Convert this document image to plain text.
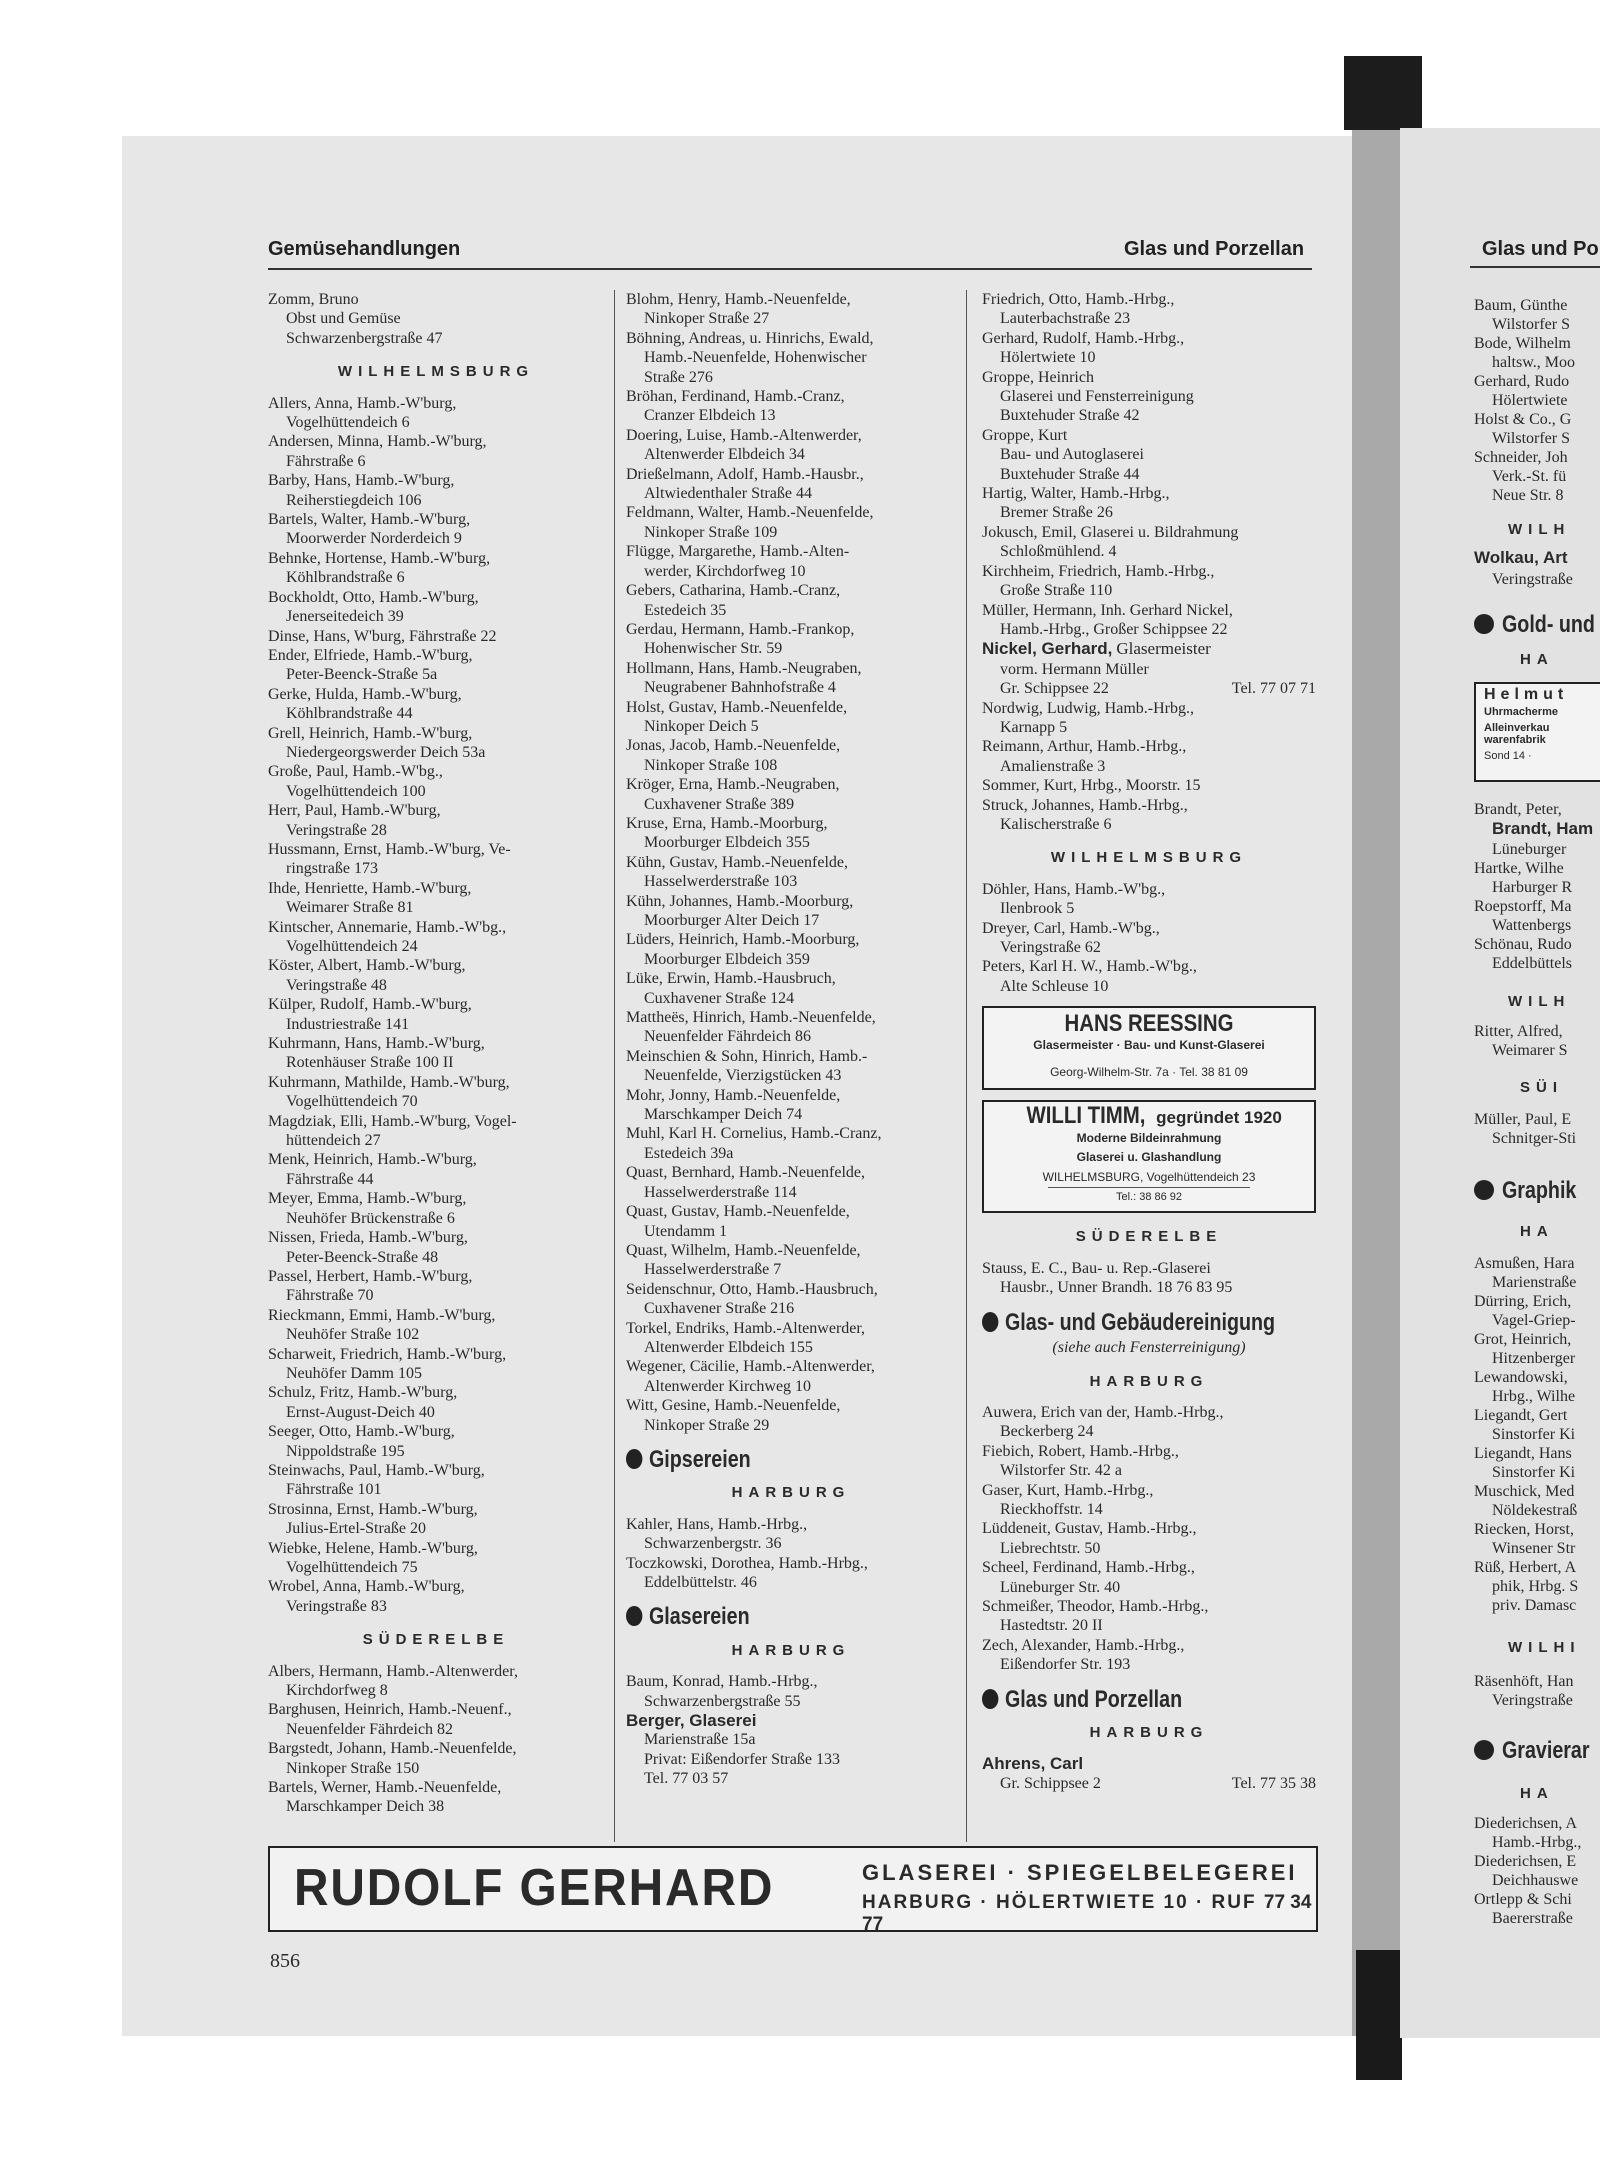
Gemüsehandlungen	Glas und Porzellan
Zomm, Bruno
Obst und Gemüse
Schwarzenbergstraße 47
WILHELMSBURG
Allers, Anna, Hamb.-W'burg,
Vogelhüttendeich 6
Andersen, Minna, Hamb.-W'burg,
Fährstraße 6
Barby, Hans, Hamb.-W'burg,
Reiherstiegdeich 106
Bartels, Walter, Hamb.-W'burg,
Moorwerder Norderdeich 9
Behnke, Hortense, Hamb.-W'burg,
Köhlbrandstraße 6
Bockholdt, Otto, Hamb.-W'burg,
Jenerseitedeich 39
Dinse, Hans, W'burg, Fährstraße 22
Ender, Elfriede, Hamb.-W'burg,
Peter-Beenck-Straße 5a
Gerke, Hulda, Hamb.-W'burg,
Köhlbrandstraße 44
Grell, Heinrich, Hamb.-W'burg,
Niedergeorgswerder Deich 53a
Große, Paul, Hamb.-W'bg.,
Vogelhüttendeich 100
Herr, Paul, Hamb.-W'burg,
Veringstraße 28
Hussmann, Ernst, Hamb.-W'burg, Ve-
ringstraße 173
Ihde, Henriette, Hamb.-W'burg,
Weimarer Straße 81
Kintscher, Annemarie, Hamb.-W'bg.,
Vogelhüttendeich 24
Köster, Albert, Hamb.-W'burg,
Veringstraße 48
Külper, Rudolf, Hamb.-W'burg,
Industriestraße 141
Kuhrmann, Hans, Hamb.-W'burg,
Rotenhäuser Straße 100 II
Kuhrmann, Mathilde, Hamb.-W'burg,
Vogelhüttendeich 70
Magdziak, Elli, Hamb.-W'burg, Vogel-
hüttendeich 27
Menk, Heinrich, Hamb.-W'burg,
Fährstraße 44
Meyer, Emma, Hamb.-W'burg,
Neuhöfer Brückenstraße 6
Nissen, Frieda, Hamb.-W'burg,
Peter-Beenck-Straße 48
Passel, Herbert, Hamb.-W'burg,
Fährstraße 70
Rieckmann, Emmi, Hamb.-W'burg,
Neuhöfer Straße 102
Scharweit, Friedrich, Hamb.-W'burg,
Neuhöfer Damm 105
Schulz, Fritz, Hamb.-W'burg,
Ernst-August-Deich 40
Seeger, Otto, Hamb.-W'burg,
Nippoldstraße 195
Steinwachs, Paul, Hamb.-W'burg,
Fährstraße 101
Strosinna, Ernst, Hamb.-W'burg,
Julius-Ertel-Straße 20
Wiebke, Helene, Hamb.-W'burg,
Vogelhüttendeich 75
Wrobel, Anna, Hamb.-W'burg,
Veringstraße 83
SÜDERELBE
Albers, Hermann, Hamb.-Altenwerder,
Kirchdorfweg 8
Barghusen, Heinrich, Hamb.-Neuenf.,
Neuenfelder Fährdeich 82
Bargstedt, Johann, Hamb.-Neuenfelde,
Ninkoper Straße 150
Bartels, Werner, Hamb.-Neuenfelde,
Marschkamper Deich 38
Blohm, Henry, Hamb.-Neuenfelde,
Ninkoper Straße 27
Böhning, Andreas, u. Hinrichs, Ewald,
Hamb.-Neuenfelde, Hohenwischer
Straße 276
Bröhan, Ferdinand, Hamb.-Cranz,
Cranzer Elbdeich 13
Doering, Luise, Hamb.-Altenwerder,
Altenwerder Elbdeich 34
Drießelmann, Adolf, Hamb.-Hausbr.,
Altwiedenthaler Straße 44
Feldmann, Walter, Hamb.-Neuenfelde,
Ninkoper Straße 109
Flügge, Margarethe, Hamb.-Alten-
werder, Kirchdorfweg 10
Gebers, Catharina, Hamb.-Cranz,
Estedeich 35
Gerdau, Hermann, Hamb.-Frankop,
Hohenwischer Str. 59
Hollmann, Hans, Hamb.-Neugraben,
Neugrabener Bahnhofstraße 4
Holst, Gustav, Hamb.-Neuenfelde,
Ninkoper Deich 5
Jonas, Jacob, Hamb.-Neuenfelde,
Ninkoper Straße 108
Kröger, Erna, Hamb.-Neugraben,
Cuxhavener Straße 389
Kruse, Erna, Hamb.-Moorburg,
Moorburger Elbdeich 355
Kühn, Gustav, Hamb.-Neuenfelde,
Hasselwerderstraße 103
Kühn, Johannes, Hamb.-Moorburg,
Moorburger Alter Deich 17
Lüders, Heinrich, Hamb.-Moorburg,
Moorburger Elbdeich 359
Lüke, Erwin, Hamb.-Hausbruch,
Cuxhavener Straße 124
Mattheës, Hinrich, Hamb.-Neuenfelde,
Neuenfelder Fährdeich 86
Meinschien & Sohn, Hinrich, Hamb.-
Neuenfelde, Vierzigstücken 43
Mohr, Jonny, Hamb.-Neuenfelde,
Marschkamper Deich 74
Muhl, Karl H. Cornelius, Hamb.-Cranz,
Estedeich 39a
Quast, Bernhard, Hamb.-Neuenfelde,
Hasselwerderstraße 114
Quast, Gustav, Hamb.-Neuenfelde,
Utendamm 1
Quast, Wilhelm, Hamb.-Neuenfelde,
Hasselwerderstraße 7
Seidenschnur, Otto, Hamb.-Hausbruch,
Cuxhavener Straße 216
Torkel, Endriks, Hamb.-Altenwerder,
Altenwerder Elbdeich 155
Wegener, Cäcilie, Hamb.-Altenwerder,
Altenwerder Kirchweg 10
Witt, Gesine, Hamb.-Neuenfelde,
Ninkoper Straße 29
Gipsereien
HARBURG
Kahler, Hans, Hamb.-Hrbg.,
Schwarzenbergstr. 36
Toczkowski, Dorothea, Hamb.-Hrbg.,
Eddelbüttelstr. 46
Glasereien
HARBURG
Baum, Konrad, Hamb.-Hrbg.,
Schwarzenbergstraße 55
Berger, Glaserei
Marienstraße 15a
Privat: Eißendorfer Straße 133
Tel. 77 03 57
Friedrich, Otto, Hamb.-Hrbg.,
Lauterbachstraße 23
Gerhard, Rudolf, Hamb.-Hrbg.,
Hölertwiete 10
Groppe, Heinrich
Glaserei und Fensterreinigung
Buxtehuder Straße 42
Groppe, Kurt
Bau- und Autoglaserei
Buxtehuder Straße 44
Hartig, Walter, Hamb.-Hrbg.,
Bremer Straße 26
Jokusch, Emil, Glaserei u. Bildrahmung
Schloßmühlend. 4
Kirchheim, Friedrich, Hamb.-Hrbg.,
Große Straße 110
Müller, Hermann, Inh. Gerhard Nickel,
Hamb.-Hrbg., Großer Schippsee 22
Nickel, Gerhard, Glasermeister
vorm. Hermann Müller
Gr. Schippsee 22	Tel. 77 07 71
Nordwig, Ludwig, Hamb.-Hrbg.,
Karnapp 5
Reimann, Arthur, Hamb.-Hrbg.,
Amalienstraße 3
Sommer, Kurt, Hrbg., Moorstr. 15
Struck, Johannes, Hamb.-Hrbg.,
Kalischerstraße 6
WILHELMSBURG
Döhler, Hans, Hamb.-W'bg.,
Ilenbrook 5
Dreyer, Carl, Hamb.-W'bg.,
Veringstraße 62
Peters, Karl H. W., Hamb.-W'bg.,
Alte Schleuse 10
HANS REESSING
Glasermeister · Bau- und Kunst-Glaserei
Georg-Wilhelm-Str. 7a · Tel. 38 81 09
WILLI TIMM, gegründet 1920
Moderne Bildeinrahmung
Glaserei u. Glashandlung
WILHELMSBURG, Vogelhüttendeich 23
Tel.: 38 86 92
SÜDERELBE
Stauss, E. C., Bau- u. Rep.-Glaserei
Hausbr., Unner Brandh. 18 76 83 95
Glas- und Gebäudereinigung
(siehe auch Fensterreinigung)
HARBURG
Auwera, Erich van der, Hamb.-Hrbg.,
Beckerberg 24
Fiebich, Robert, Hamb.-Hrbg.,
Wilstorfer Str. 42 a
Gaser, Kurt, Hamb.-Hrbg.,
Rieckhoffstr. 14
Lüddeneit, Gustav, Hamb.-Hrbg.,
Liebrechtstr. 50
Scheel, Ferdinand, Hamb.-Hrbg.,
Lüneburger Str. 40
Schmeißer, Theodor, Hamb.-Hrbg.,
Hastedtstr. 20 II
Zech, Alexander, Hamb.-Hrbg.,
Eißendorfer Str. 193
Glas und Porzellan
HARBURG
Ahrens, Carl
Gr. Schippsee 2	Tel. 77 35 38
RUDOLF GERHARD	GLASEREI · SPIEGELBELEGEREI
HARBURG · HÖLERTWIETE 10 · RUF 77 34 77
856
Glas und Po
Helmut
Uhrmacherme
Alleinverkau
warenfabrik
Sond 14 ·
Baum, Günthe
Wilstorfer S
Bode, Wilhelm
haltsw., Moo
Gerhard, Rudo
Hölertwiete
Holst & Co., G
Wilstorfer S
Schneider, Joh
Verk.-St. fü
Neue Str. 8
WILH
Wolkau, Art
Veringstraße
Gold- und
HA
Brandt, Peter,
Brandt, Ham
Lüneburger
Hartke, Wilhe
Harburger R
Roepstorff, Ma
Wattenbergs
Schönau, Rudo
Eddelbüttels
WILH
Ritter, Alfred,
Weimarer S
SÜI
Müller, Paul, E
Schnitger-Sti
Graphik
HA
Asmußen, Hara
Marienstraße
Dürring, Erich,
Vagel-Griep-
Grot, Heinrich,
Hitzenberger
Lewandowski,
Hrbg., Wilhe
Liegandt, Gert
Sinstorfer Ki
Liegandt, Hans
Sinstorfer Ki
Muschick, Med
Nöldekestraß
Riecken, Horst,
Winsener Str
Rüß, Herbert, A
phik, Hrbg. S
priv. Damasc
WILHI
Räsenhöft, Han
Veringstraße
Gravierar
HA
Diederichsen, A
Hamb.-Hrbg.,
Diederichsen, E
Deichhauswe
Ortlepp & Schi
Baererstraße
